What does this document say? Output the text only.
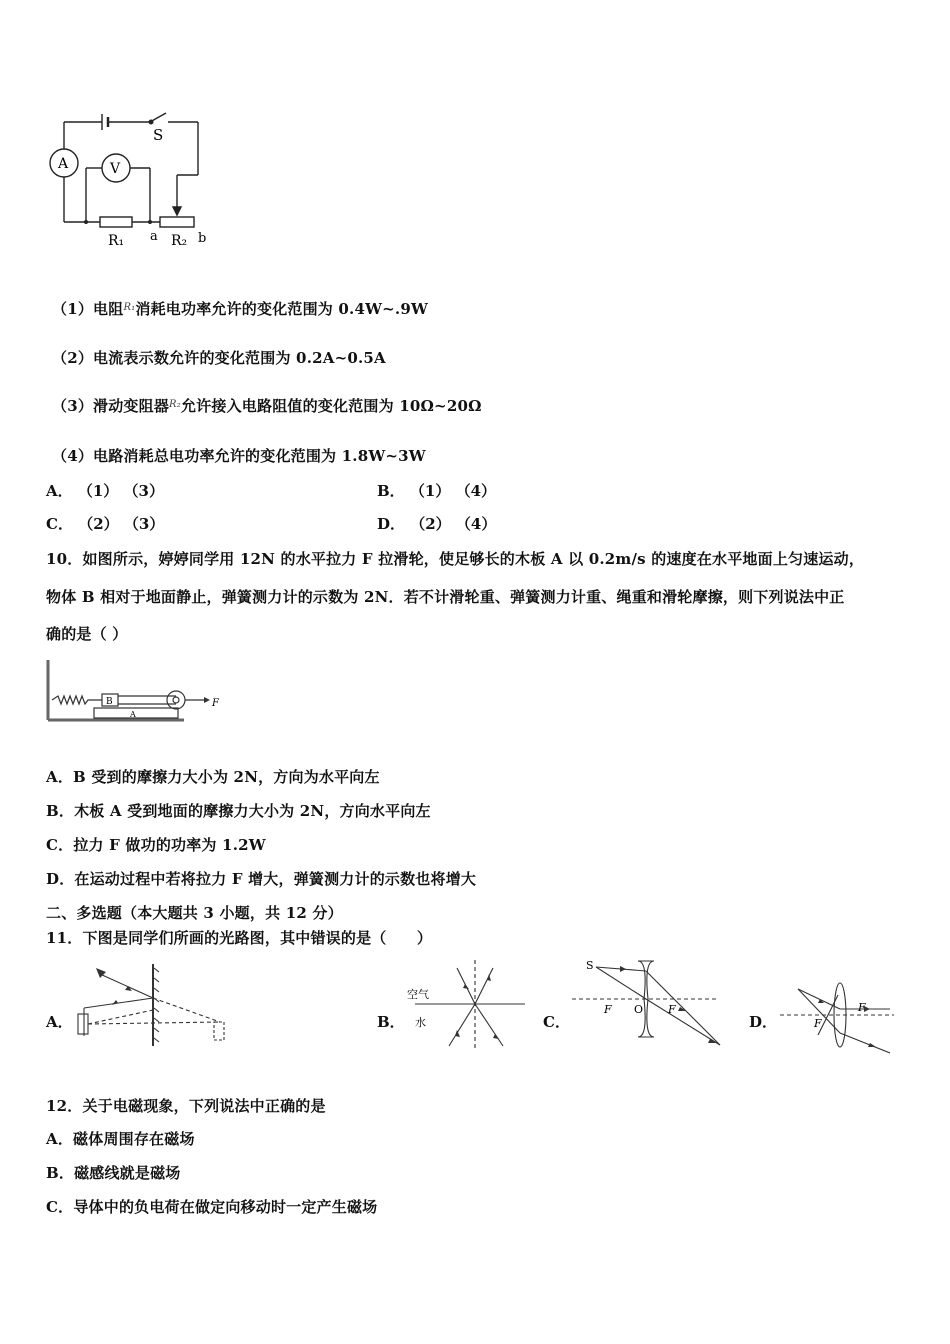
S
A	V
R₁ a R₂ b
（1）电阻$^{R_1}$消耗电功率允许的变化范围为 0.4W~.9W
（2）电流表示数允许的变化范围为 0.2A~0.5A
（3）滑动变阻器$^{R_2}$允许接入电路阻值的变化范围为 10Ω~20Ω
（4）电路消耗总电功率允许的变化范围为 1.8W~3W
A． （1） （3）	B． （1） （4）
C． （2） （3）	D． （2） （4）
10．如图所示，婷婷同学用 12N 的水平拉力 F 拉滑轮，使足够长的木板 A 以 0.2m/s 的速度在水平地面上匀速运动，
物体 B 相对于地面静止，弹簧测力计的示数为 2N．若不计滑轮重、弹簧测力计重、绳重和滑轮摩擦，则下列说法中正
确的是（ ）
B
A
F
A．B 受到的摩擦力大小为 2N，方向为水平向左
B．木板 A 受到地面的摩擦力大小为 2N，方向水平向左
C．拉力 F 做功的功率为 1.2W
D．在运动过程中若将拉力 F 增大，弹簧测力计的示数也将增大
二、多选题（本大题共 3 小题，共 12 分）
11．下图是同学们所画的光路图，其中错误的是（　　）
A．	B．
空气
水	C．
S
F O F
D．	F
F
12．关于电磁现象，下列说法中正确的是
A．磁体周围存在磁场
B．磁感线就是磁场
C．导体中的负电荷在做定向移动时一定产生磁场
